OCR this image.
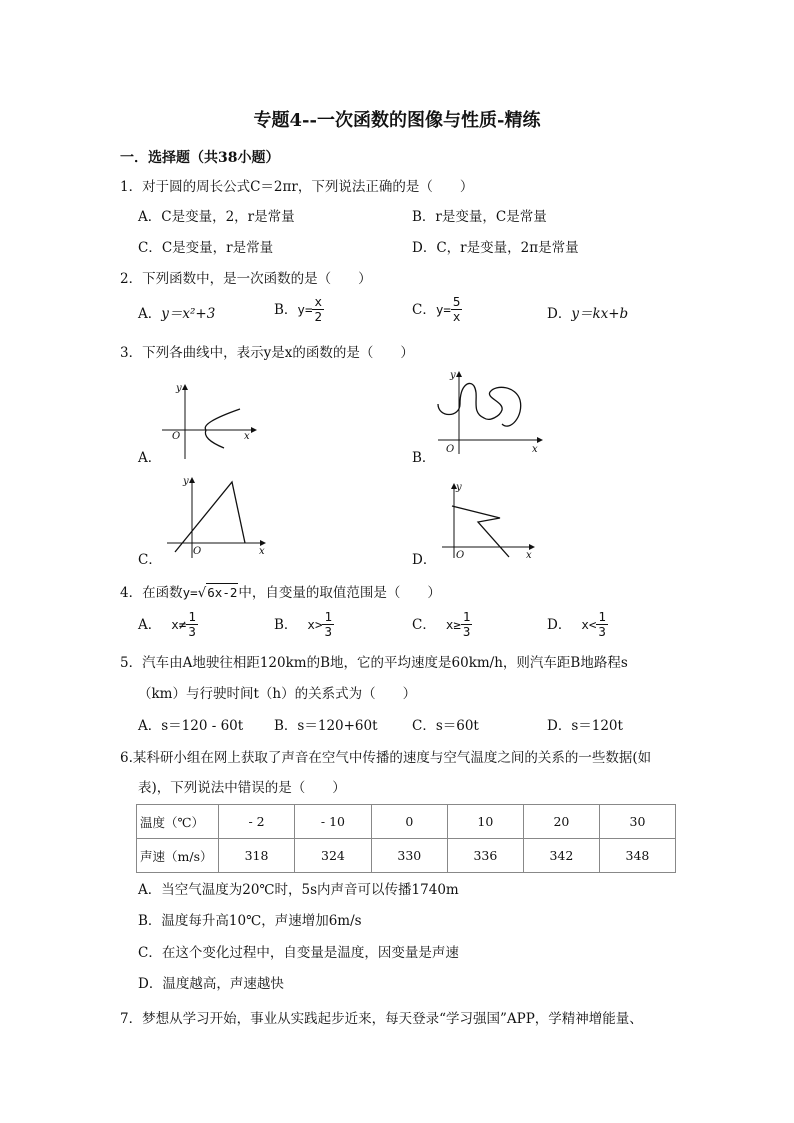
专题4--一次函数的图像与性质-精练
一．选择题（共38小题）
1．对于圆的周长公式C＝2πr，下列说法正确的是（　　）
A．C是变量，2，r是常量	B．r是变量，C是常量
C．C是变量，r是常量	D．C，r是变量，2π是常量
2．下列函数中，是一次函数的是（　　）
A．y＝x²+3	B． $y= \frac{x}{2}$	C． $y= \frac{5}{x}$	D．y＝kx+b
3．下列各曲线中，表示y是x的函数的是（　　）
y
x
O
A．
y
x
O
B．
y
x
O
C．
y
x
O
D．
4． 在函数 y= √ 6x-2 中，自变量的取值范围是（　　）
A． $x\ne \frac{1}{3}$	B． $x> \frac{1}{3}$	C． $x\ge \frac{1}{3}$	D． $x< \frac{1}{3}$
5．汽车由A地驶往相距120km的B地，它的平均速度是60km/h，则汽车距B地路程s
（km）与行驶时间t（h）的关系式为（　　）
A．s＝120 - 60t B．s＝120+60t	C．s＝60t	D．s＝120t
6.某科研小组在网上获取了声音在空气中传播的速度与空气温度之间的关系的一些数据(如
表)，下列说法中错误的是（　　）
温度（℃）	- 2	- 10	0	10	20	30
声速（m/s）	318	324	330	336	342	348
A．当空气温度为20℃时，5s内声音可以传播1740m
B．温度每升高10℃，声速增加6m/s
C．在这个变化过程中，自变量是温度，因变量是声速
D．温度越高，声速越快
7．梦想从学习开始，事业从实践起步近来，每天登录“学习强国”APP，学精神增能量、
